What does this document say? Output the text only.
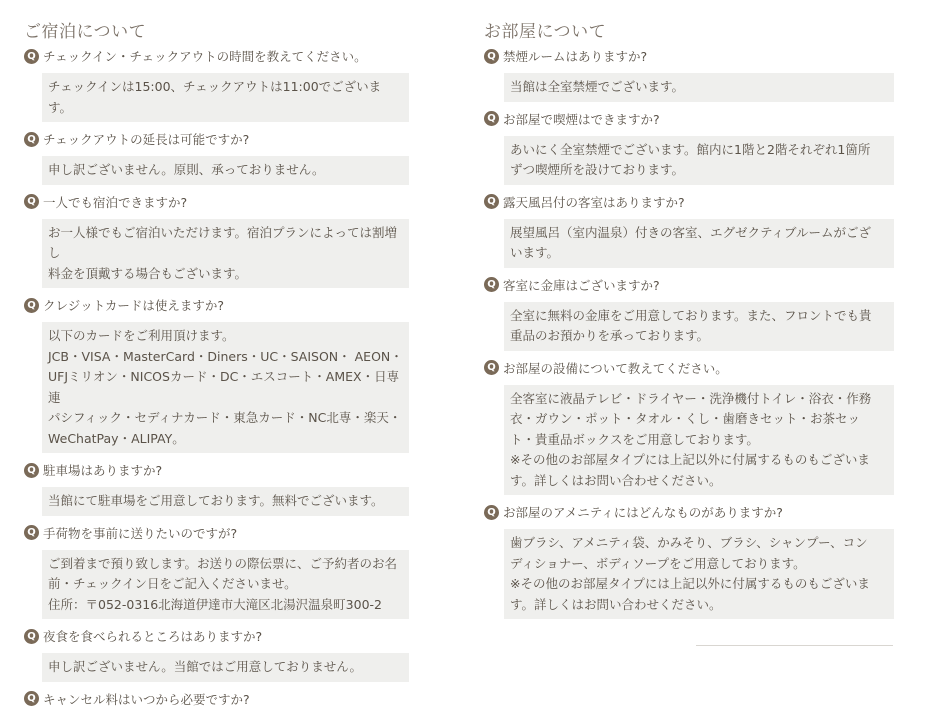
ご宿泊について
Q チェックイン・チェックアウトの時間を教えてください。
チェックインは15:00、チェックアウトは11:00でございます。
Q チェックアウトの延長は可能ですか?
申し訳ございません。原則、承っておりません。
Q 一人でも宿泊できますか?
お一人様でもご宿泊いただけます。宿泊プランによっては割増し
料金を頂戴する場合もございます。
Q クレジットカードは使えますか?
以下のカードをご利用頂けます。
JCB・VISA・MasterCard・Diners・UC・SAISON・ AEON・
UFJミリオン・NICOSカード・DC・エスコート・AMEX・日専連
パシフィック・セディナカード・東急カード・NC北専・楽天・
WeChatPay・ALIPAY。
Q 駐車場はありますか?
当館にて駐車場をご用意しております。無料でございます。
Q 手荷物を事前に送りたいのですが?
ご到着まで預り致します。お送りの際伝票に、ご予約者のお名
前・チェックイン日をご記入くださいませ。
住所：〒052-0316北海道伊達市大滝区北湯沢温泉町300-2
Q 夜食を食べられるところはありますか?
申し訳ございません。当館ではご用意しておりません。
Q キャンセル料はいつから必要ですか?
お部屋について
Q 禁煙ルームはありますか?
当館は全室禁煙でございます。
Q お部屋で喫煙はできますか?
あいにく全室禁煙でございます。館内に1階と2階それぞれ1箇所
ずつ喫煙所を設けております。
Q 露天風呂付の客室はありますか?
展望風呂（室内温泉）付きの客室、エグゼクティブルームがござ
います。
Q 客室に金庫はございますか?
全室に無料の金庫をご用意しております。また、フロントでも貴
重品のお預かりを承っております。
Q お部屋の設備について教えてください。
全客室に液晶テレビ・ドライヤー・洗浄機付トイレ・浴衣・作務
衣・ガウン・ポット・タオル・くし・歯磨きセット・お茶セッ
ト・貴重品ボックスをご用意しております。
※その他のお部屋タイプには上記以外に付属するものもございま
す。詳しくはお問い合わせください。
Q お部屋のアメニティにはどんなものがありますか?
歯ブラシ、アメニティ袋、かみそり、ブラシ、シャンプー、コン
ディショナー、ボディソープをご用意しております。
※その他のお部屋タイプには上記以外に付属するものもございま
す。詳しくはお問い合わせください。
